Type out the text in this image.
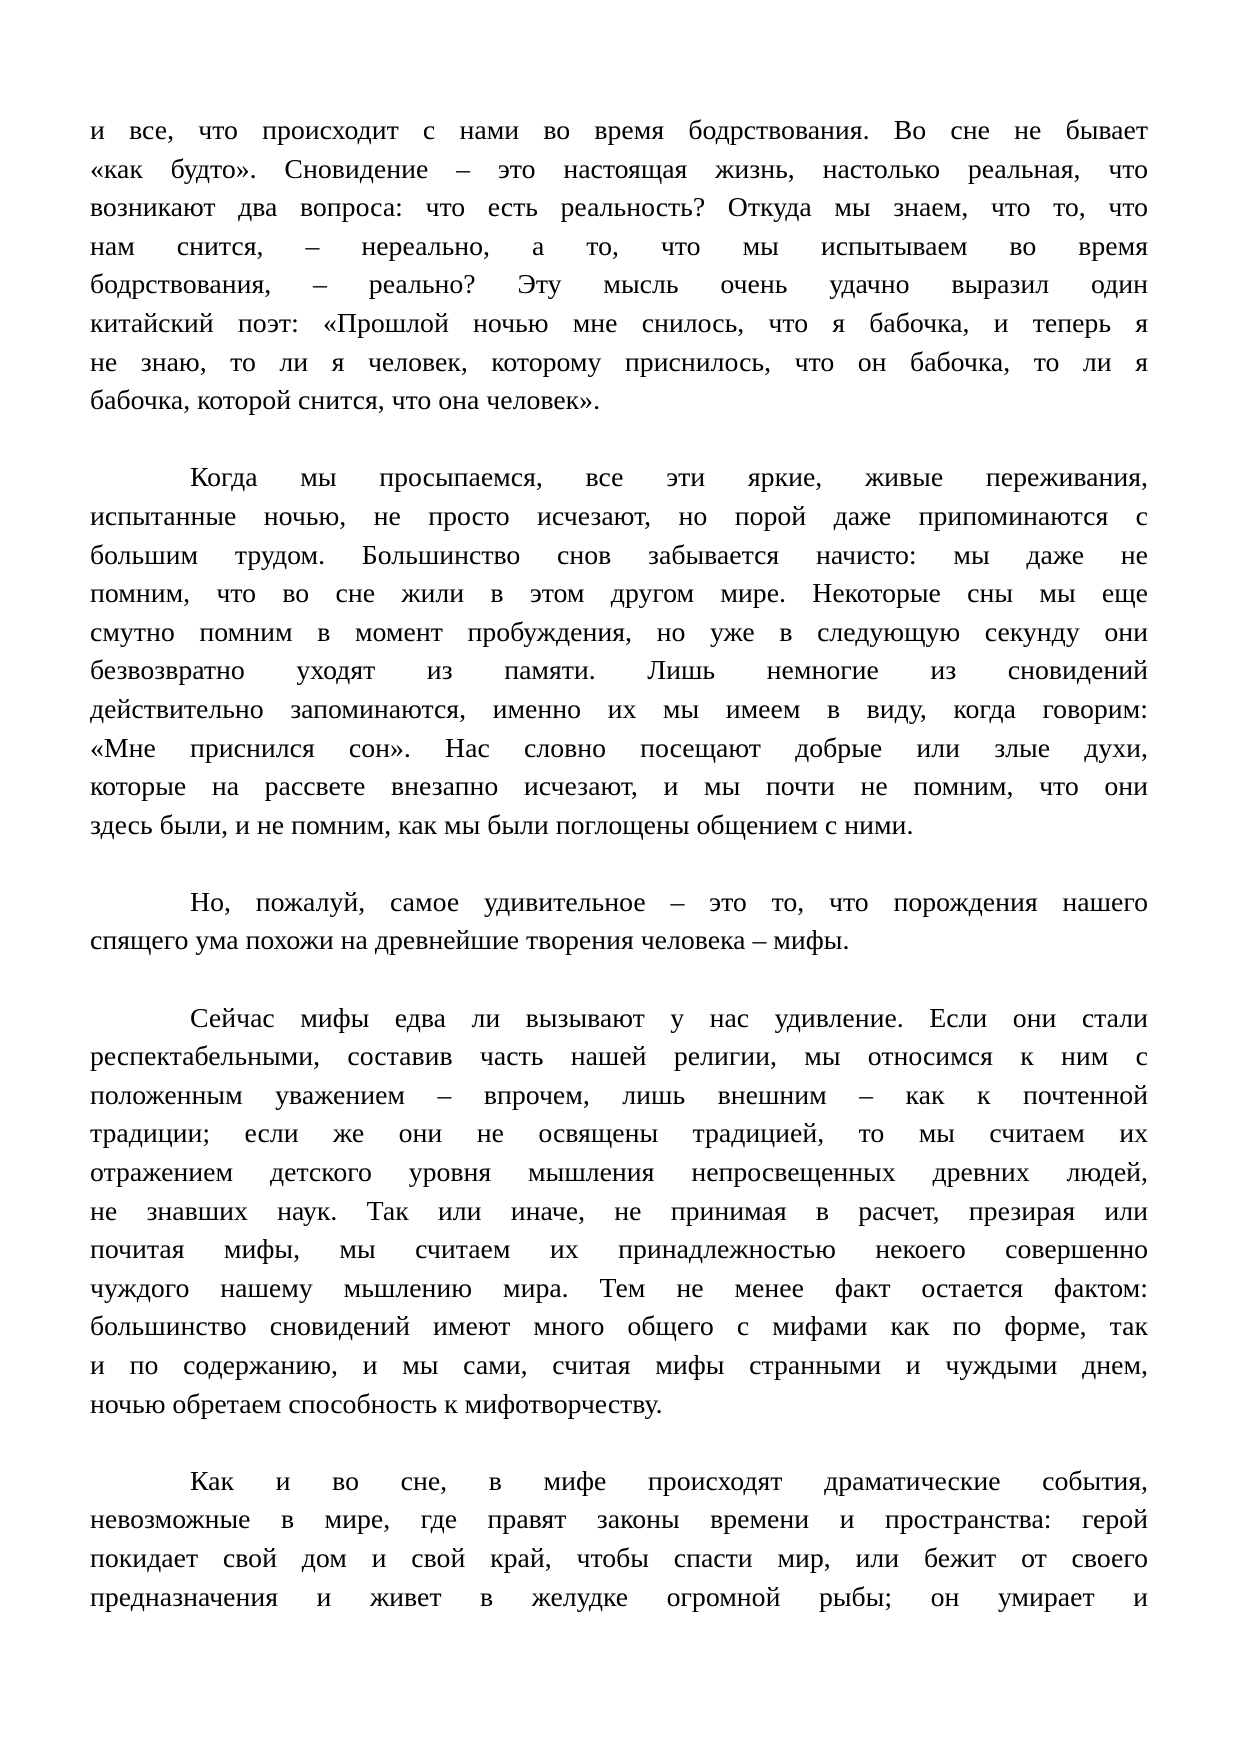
и все, что происходит с нами во время бодрствования. Во сне не бывает
«как будто». Сновидение – это настоящая жизнь, настолько реальная, что
возникают два вопроса: что есть реальность? Откуда мы знаем, что то, что
нам снится, – нереально, а то, что мы испытываем во время
бодрствования, – реально? Эту мысль очень удачно выразил один
китайский поэт: «Прошлой ночью мне снилось, что я бабочка, и теперь я
не знаю, то ли я человек, которому приснилось, что он бабочка, то ли я
бабочка, которой снится, что она человек».

Когда мы просыпаемся, все эти яркие, живые переживания,
испытанные ночью, не просто исчезают, но порой даже припоминаются с
большим трудом. Большинство снов забывается начисто: мы даже не
помним, что во сне жили в этом другом мире. Некоторые сны мы еще
смутно помним в момент пробуждения, но уже в следующую секунду они
безвозвратно уходят из памяти. Лишь немногие из сновидений
действительно запоминаются, именно их мы имеем в виду, когда говорим:
«Мне приснился сон». Нас словно посещают добрые или злые духи,
которые на рассвете внезапно исчезают, и мы почти не помним, что они
здесь были, и не помним, как мы были поглощены общением с ними.

Но, пожалуй, самое удивительное – это то, что порождения нашего
спящего ума похожи на древнейшие творения человека – мифы.

Сейчас мифы едва ли вызывают у нас удивление. Если они стали
респектабельными, составив часть нашей религии, мы относимся к ним с
положенным уважением – впрочем, лишь внешним – как к почтенной
традиции; если же они не освящены традицией, то мы считаем их
отражением детского уровня мышления непросвещенных древних людей,
не знавших наук. Так или иначе, не принимая в расчет, презирая или
почитая мифы, мы считаем их принадлежностью некоего совершенно
чуждого нашему мьшлению мира. Тем не менее факт остается фактом:
большинство сновидений имеют много общего с мифами как по форме, так
и по содержанию, и мы сами, считая мифы странными и чуждыми днем,
ночью обретаем способность к мифотворчеству.

Как и во сне, в мифе происходят драматические события,
невозможные в мире, где правят законы времени и пространства: герой
покидает свой дом и свой край, чтобы спасти мир, или бежит от своего
предназначения и живет в желудке огромной рыбы; он умирает и
